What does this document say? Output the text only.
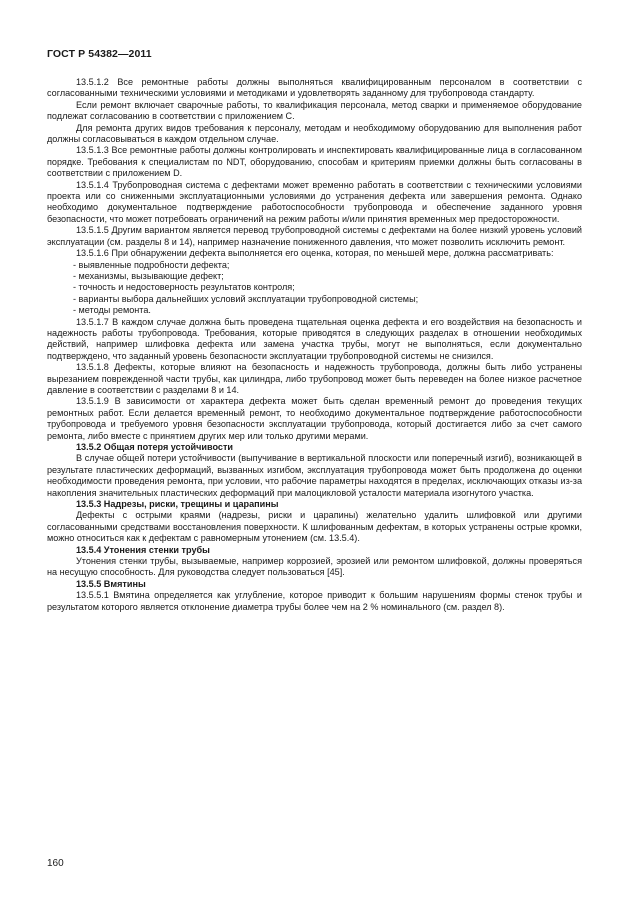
ГОСТ Р 54382—2011

13.5.1.2 Все ремонтные работы должны выполняться квалифицированным персоналом в соответствии с согласованными техническими условиями и методиками и удовлетворять заданному для трубопровода стандарту.

Если ремонт включает сварочные работы, то квалификация персонала, метод сварки и применяемое оборудование подлежат согласованию в соответствии с приложением С.

Для ремонта других видов требования к персоналу, методам и необходимому оборудованию для выполнения работ должны согласовываться в каждом отдельном случае.

13.5.1.3 Все ремонтные работы должны контролировать и инспектировать квалифицированные лица в согласованном порядке. Требования к специалистам по NDT, оборудованию, способам и критериям приемки должны быть согласованы в соответствии с приложением D.

13.5.1.4 Трубопроводная система с дефектами может временно работать в соответствии с техническими условиями проекта или со сниженными эксплуатационными условиями до устранения дефекта или завершения ремонта. Однако необходимо документальное подтверждение работоспособности трубопровода и обеспечение заданного уровня безопасности, что может потребовать ограничений на режим работы и/или принятия временных мер предосторожности.

13.5.1.5 Другим вариантом является перевод трубопроводной системы с дефектами на более низкий уровень условий эксплуатации (см. разделы 8 и 14), например назначение пониженного давления, что может позволить исключить ремонт.

13.5.1.6 При обнаружении дефекта выполняется его оценка, которая, по меньшей мере, должна рассматривать:

- выявленные подробности дефекта;

- механизмы, вызывающие дефект;

- точность и недостоверность результатов контроля;

- варианты выбора дальнейших условий эксплуатации трубопроводной системы;

- методы ремонта.

13.5.1.7 В каждом случае должна быть проведена тщательная оценка дефекта и его воздействия на безопасность и надежность работы трубопровода. Требования, которые приводятся в следующих разделах в отношении необходимых действий, например шлифовка дефекта или замена участка трубы, могут не выполняться, если документально подтверждено, что заданный уровень безопасности эксплуатации трубопроводной системы не снизился.

13.5.1.8 Дефекты, которые влияют на безопасность и надежность трубопровода, должны быть либо устранены вырезанием поврежденной части трубы, как цилиндра, либо трубопровод может быть переведен на более низкое расчетное давление в соответствии с разделами 8 и 14.

13.5.1.9 В зависимости от характера дефекта может быть сделан временный ремонт до проведения текущих ремонтных работ. Если делается временный ремонт, то необходимо документальное подтверждение работоспособности трубопровода и требуемого уровня безопасности эксплуатации трубопровода, который достигается либо за счет самого ремонта, либо вместе с принятием других мер или только другими мерами.

13.5.2 Общая потеря устойчивости

В случае общей потери устойчивости (выпучивание в вертикальной плоскости или поперечный изгиб), возникающей в результате пластических деформаций, вызванных изгибом, эксплуатация трубопровода может быть продолжена до оценки необходимости проведения ремонта, при условии, что рабочие параметры находятся в пределах, исключающих отказы из-за накопления значительных пластических деформаций при малоцикловой усталости материала изогнутого участка.

13.5.3 Надрезы, риски, трещины и царапины

Дефекты с острыми краями (надрезы, риски и царапины) желательно удалить шлифовкой или другими согласованными средствами восстановления поверхности. К шлифованным дефектам, в которых устранены острые кромки, можно относиться как к дефектам с равномерным утонением (см. 13.5.4).

13.5.4 Утонения стенки трубы

Утонения стенки трубы, вызываемые, например коррозией, эрозией или ремонтом шлифовкой, должны проверяться на несущую способность. Для руководства следует пользоваться [45].

13.5.5 Вмятины

13.5.5.1 Вмятина определяется как углубление, которое приводит к большим нарушениям формы стенок трубы и результатом которого является отклонение диаметра трубы более чем на 2 % номинального (см. раздел 8).

160
